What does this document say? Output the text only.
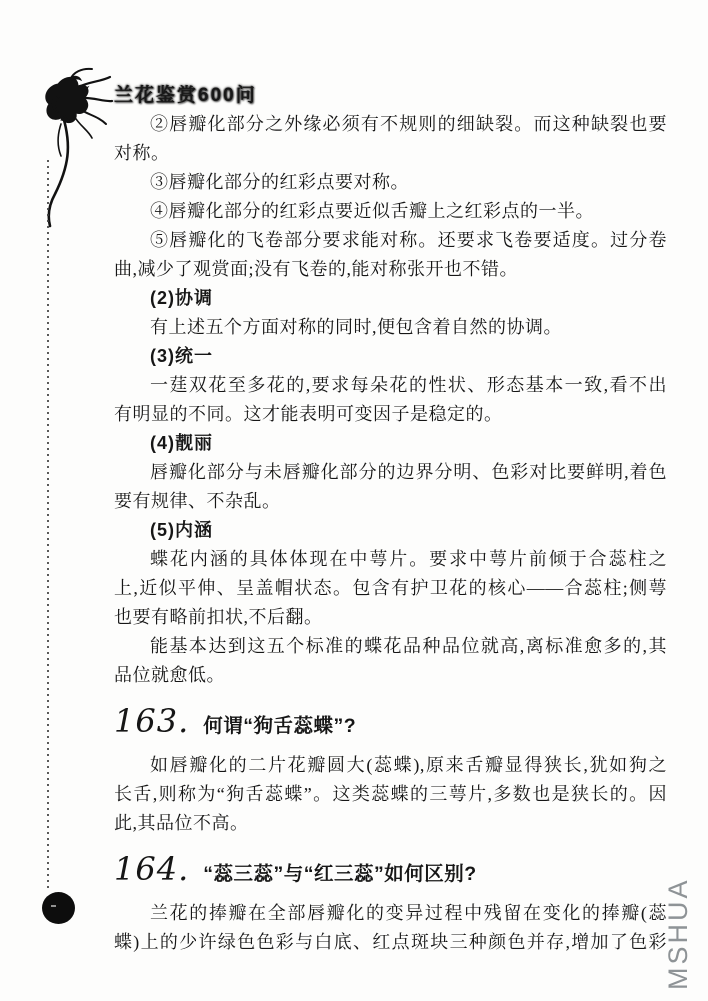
兰花鉴赏600问
②唇瓣化部分之外缘必须有不规则的细缺裂。而这种缺裂也要
对称。
③唇瓣化部分的红彩点要对称。
④唇瓣化部分的红彩点要近似舌瓣上之红彩点的一半。
⑤唇瓣化的飞卷部分要求能对称。还要求飞卷要适度。过分卷
曲,减少了观赏面;没有飞卷的,能对称张开也不错。
(2)协调
有上述五个方面对称的同时,便包含着自然的协调。
(3)统一
一莛双花至多花的,要求每朵花的性状、形态基本一致,看不出
有明显的不同。这才能表明可变因子是稳定的。
(4)靓丽
唇瓣化部分与未唇瓣化部分的边界分明、色彩对比要鲜明,着色
要有规律、不杂乱。
(5)内涵
蝶花内涵的具体体现在中萼片。要求中萼片前倾于合蕊柱之
上,近似平伸、呈盖帽状态。包含有护卫花的核心——合蕊柱;侧萼
也要有略前扣状,不后翻。
能基本达到这五个标准的蝶花品种品位就高,离标准愈多的,其
品位就愈低。
163. 何谓“狗舌蕊蝶”?
如唇瓣化的二片花瓣圆大(蕊蝶),原来舌瓣显得狭长,犹如狗之
长舌,则称为“狗舌蕊蝶”。这类蕊蝶的三萼片,多数也是狭长的。因
此,其品位不高。
164. “蕊三蕊”与“红三蕊”如何区别?
兰花的捧瓣在全部唇瓣化的变异过程中残留在变化的捧瓣(蕊
蝶)上的少许绿色色彩与白底、红点斑块三种颜色并存,增加了色彩
MSHUA
